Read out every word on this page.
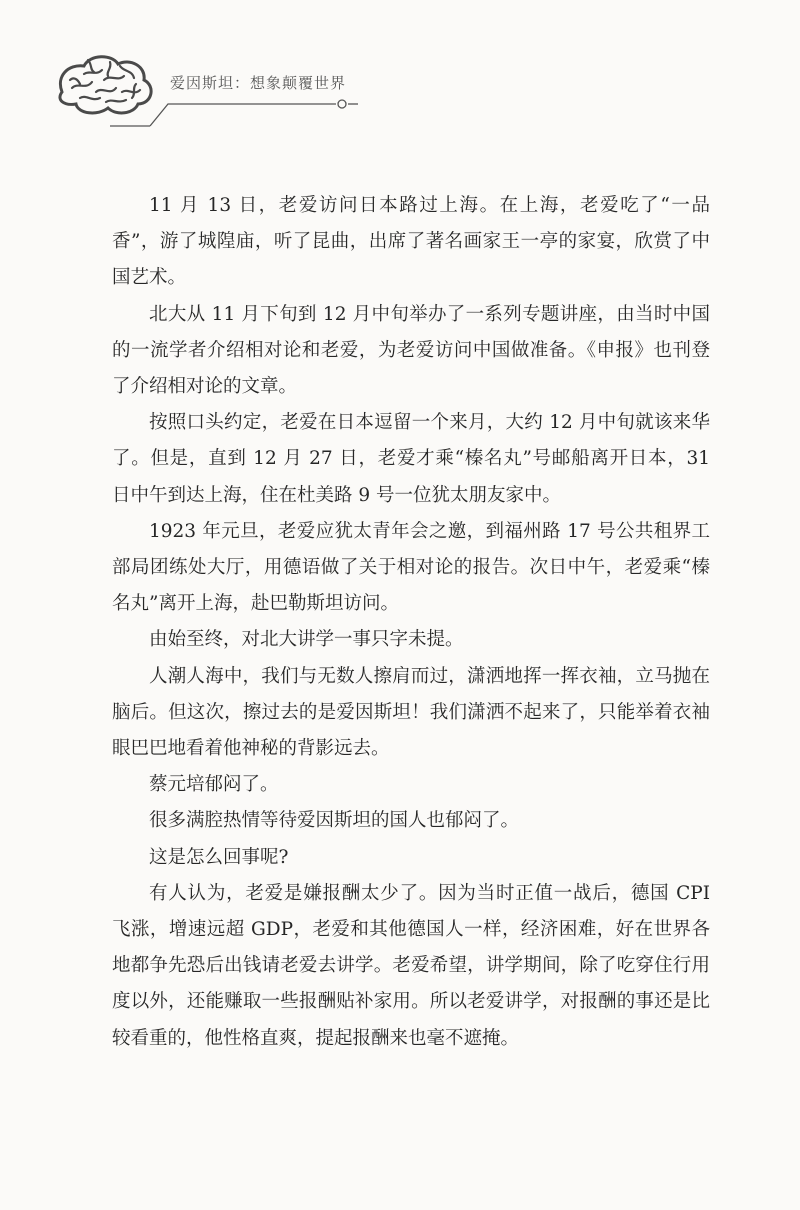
爱因斯坦：想象颠覆世界

11 月 13 日，老爱访问日本路过上海。在上海，老爱吃了“一品香”，游了城隍庙，听了昆曲，出席了著名画家王一亭的家宴，欣赏了中国艺术。

北大从 11 月下旬到 12 月中旬举办了一系列专题讲座，由当时中国的一流学者介绍相对论和老爱，为老爱访问中国做准备。《申报》也刊登了介绍相对论的文章。

按照口头约定，老爱在日本逗留一个来月，大约 12 月中旬就该来华了。但是，直到 12 月 27 日，老爱才乘“榛名丸”号邮船离开日本，31 日中午到达上海，住在杜美路 9 号一位犹太朋友家中。

1923 年元旦，老爱应犹太青年会之邀，到福州路 17 号公共租界工部局团练处大厅，用德语做了关于相对论的报告。次日中午，老爱乘“榛名丸”离开上海，赴巴勒斯坦访问。

由始至终，对北大讲学一事只字未提。

人潮人海中，我们与无数人擦肩而过，潇洒地挥一挥衣袖，立马抛在脑后。但这次，擦过去的是爱因斯坦！我们潇洒不起来了，只能举着衣袖眼巴巴地看着他神秘的背影远去。

蔡元培郁闷了。

很多满腔热情等待爱因斯坦的国人也郁闷了。

这是怎么回事呢?

有人认为，老爱是嫌报酬太少了。因为当时正值一战后，德国 CPI 飞涨，增速远超 GDP，老爱和其他德国人一样，经济困难，好在世界各地都争先恐后出钱请老爱去讲学。老爱希望，讲学期间，除了吃穿住行用度以外，还能赚取一些报酬贴补家用。所以老爱讲学，对报酬的事还是比较看重的，他性格直爽，提起报酬来也毫不遮掩。
